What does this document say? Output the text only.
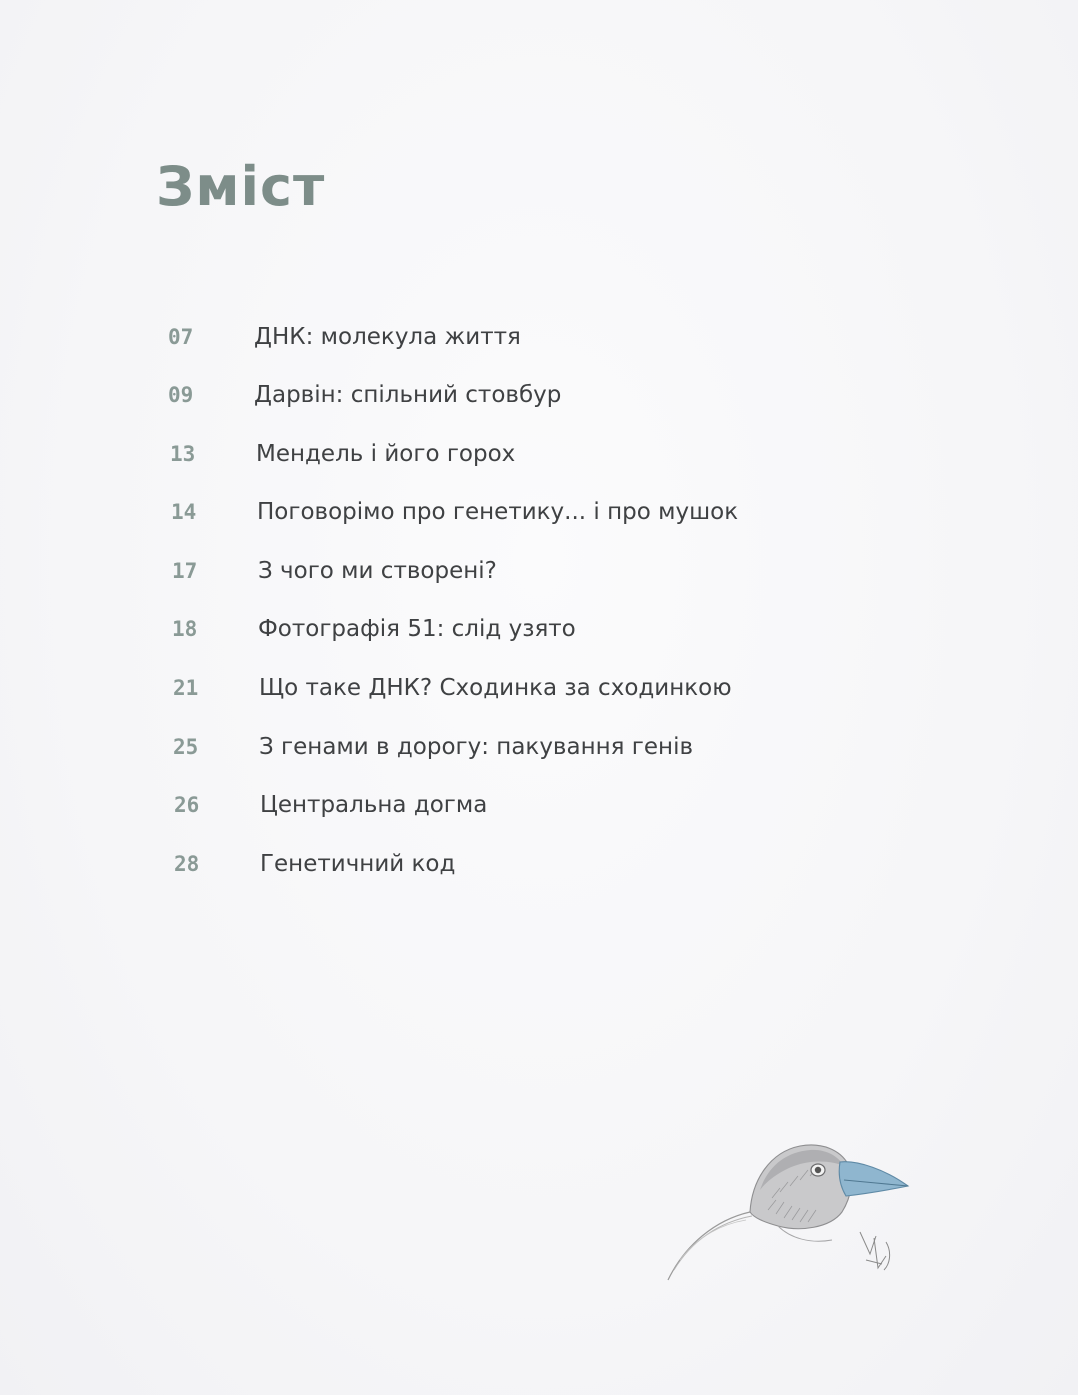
Зміст
07	ДНК: молекула життя
09	Дарвін: спільний стовбур
13	Мендель і його горох
14	Поговорімо про генетику... і про мушок
17	З чого ми створені?
18	Фотографія 51: слід узято
21	Що таке ДНК? Сходинка за сходинкою
25	З генами в дорогу: пакування генів
26	Центральна догма
28	Генетичний код
